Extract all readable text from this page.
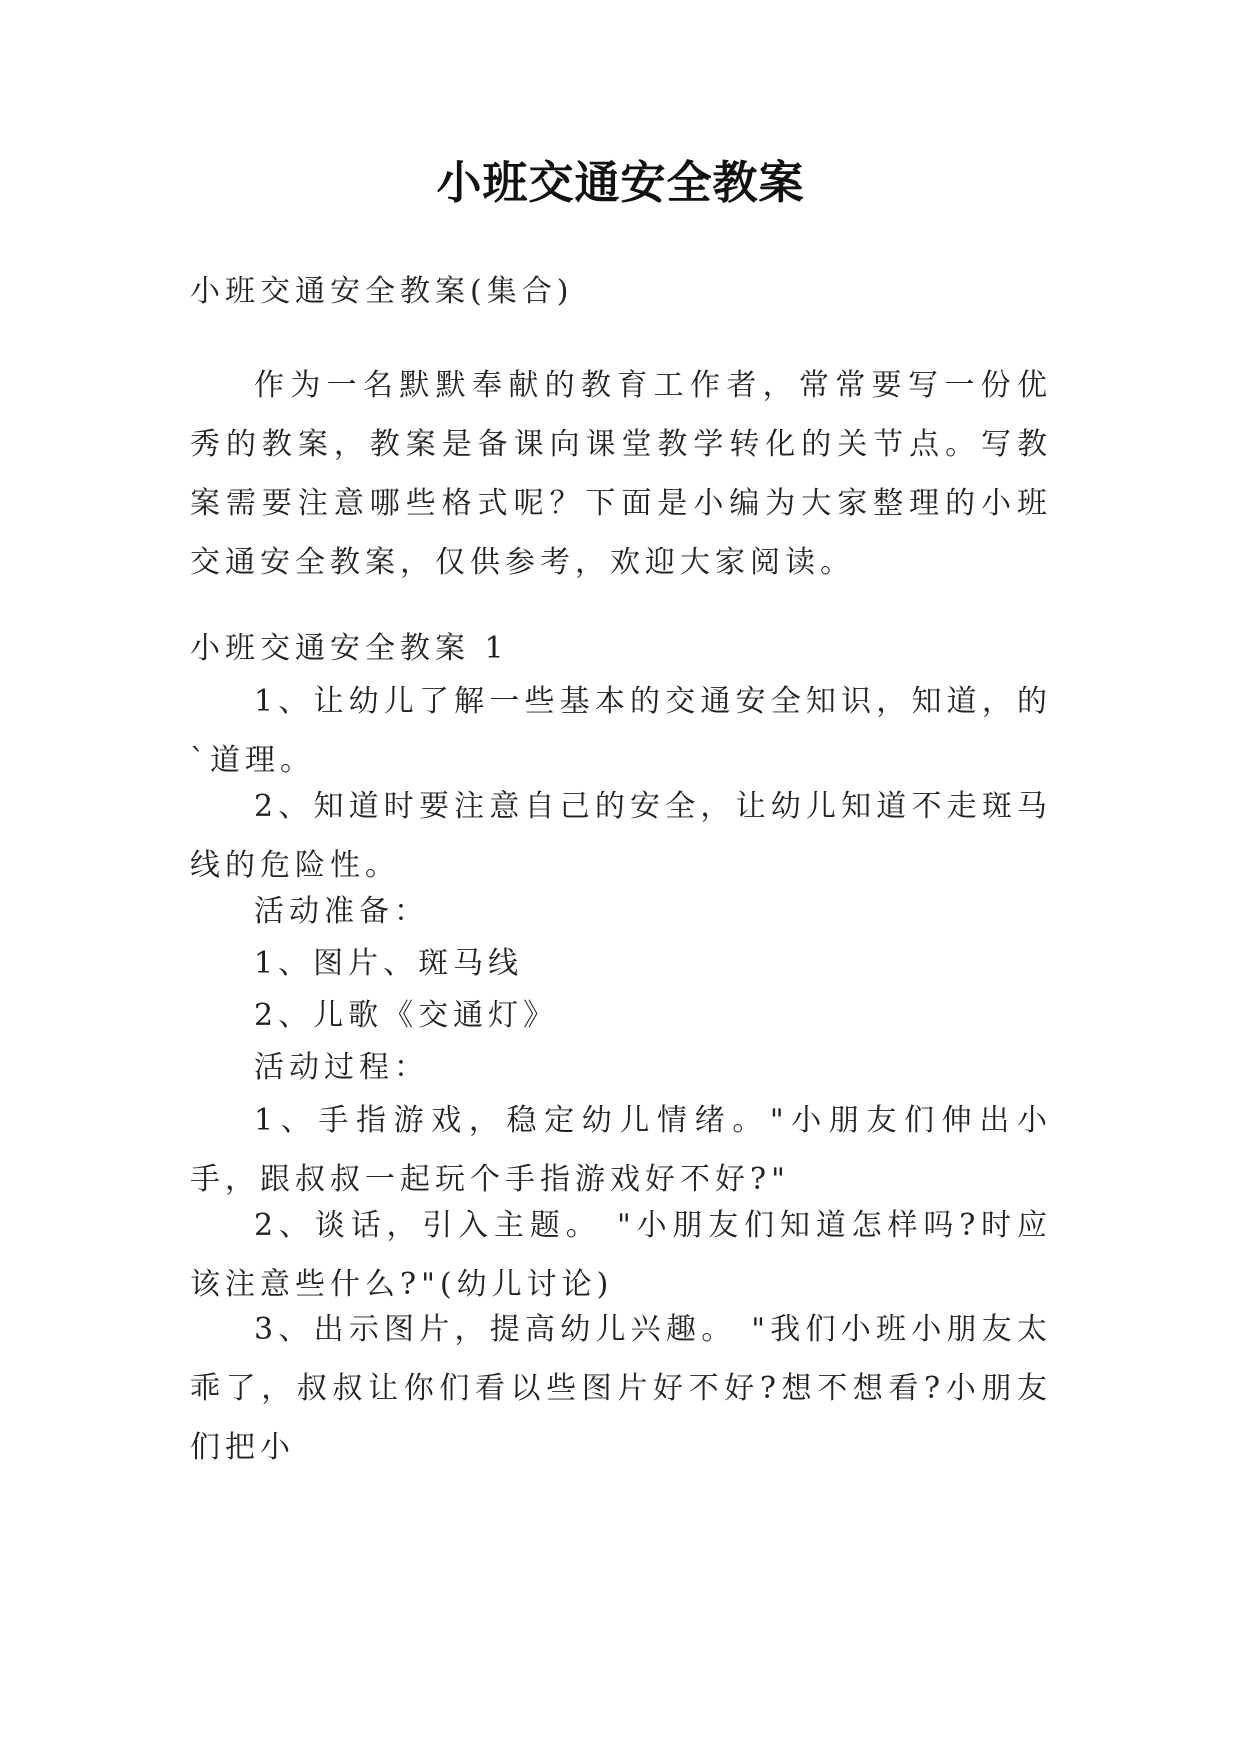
小班交通安全教案

小班交通安全教案(集合)

作为一名默默奉献的教育工作者，常常要写一份优秀的教案，教案是备课向课堂教学转化的关节点。写教案需要注意哪些格式呢？下面是小编为大家整理的小班交通安全教案，仅供参考，欢迎大家阅读。

小班交通安全教案 1

1、让幼儿了解一些基本的交通安全知识，知道，的`道理。

2、知道时要注意自己的安全，让幼儿知道不走斑马线的危险性。

活动准备：

1、图片、斑马线

2、儿歌《交通灯》

活动过程：

1、手指游戏，稳定幼儿情绪。"小朋友们伸出小手，跟叔叔一起玩个手指游戏好不好?"

2、谈话，引入主题。 "小朋友们知道怎样吗?时应该注意些什么?"(幼儿讨论)

3、出示图片，提高幼儿兴趣。 "我们小班小朋友太乖了，叔叔让你们看以些图片好不好?想不想看?小朋友们把小
